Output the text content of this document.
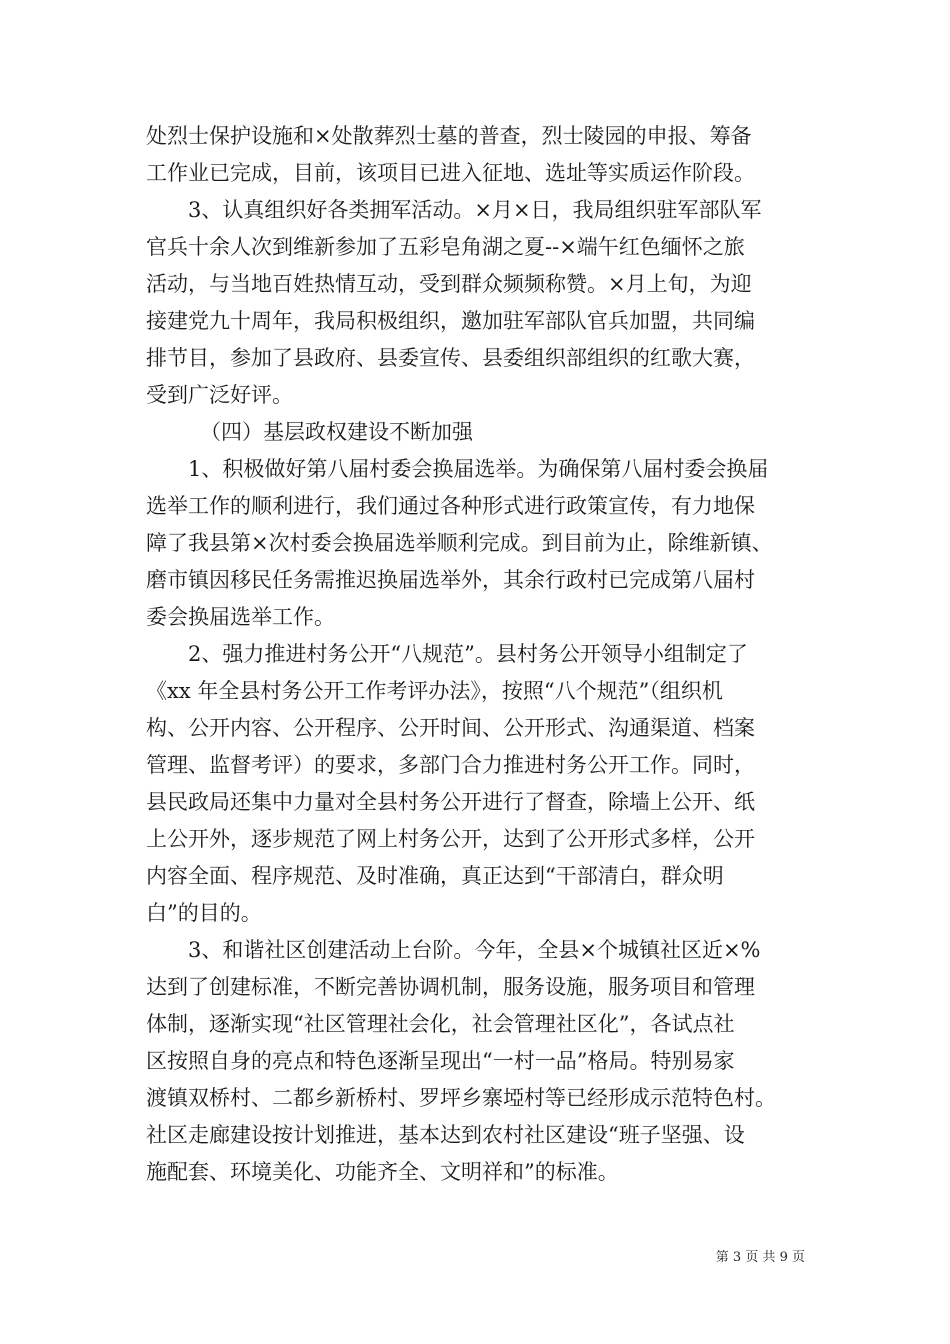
处烈士保护设施和×处散葬烈士墓的普查，烈士陵园的申报、筹备
工作业已完成，目前，该项目已进入征地、选址等实质运作阶段。
3、认真组织好各类拥军活动。×月×日，我局组织驻军部队军
官兵十余人次到维新参加了五彩皂角湖之夏--×端午红色缅怀之旅
活动，与当地百姓热情互动，受到群众频频称赞。×月上旬，为迎
接建党九十周年，我局积极组织，邀加驻军部队官兵加盟，共同编
排节目，参加了县政府、县委宣传、县委组织部组织的红歌大赛，
受到广泛好评。
（四）基层政权建设不断加强
1、积极做好第八届村委会换届选举。为确保第八届村委会换届
选举工作的顺利进行，我们通过各种形式进行政策宣传，有力地保
障了我县第×次村委会换届选举顺利完成。到目前为止，除维新镇、
磨市镇因移民任务需推迟换届选举外，其余行政村已完成第八届村
委会换届选举工作。
2、强力推进村务公开“八规范”。县村务公开领导小组制定了
《xx 年全县村务公开工作考评办法》，按照“八个规范”（组织机
构、公开内容、公开程序、公开时间、公开形式、沟通渠道、档案
管理、监督考评）的要求，多部门合力推进村务公开工作。同时，
县民政局还集中力量对全县村务公开进行了督查，除墙上公开、纸
上公开外，逐步规范了网上村务公开，达到了公开形式多样，公开
内容全面、程序规范、及时准确，真正达到“干部清白，群众明
白”的目的。
3、和谐社区创建活动上台阶。今年，全县×个城镇社区近×%
达到了创建标准，不断完善协调机制，服务设施，服务项目和管理
体制，逐渐实现“社区管理社会化，社会管理社区化”，各试点社
区按照自身的亮点和特色逐渐呈现出“一村一品”格局。特别易家
渡镇双桥村、二都乡新桥村、罗坪乡寨埡村等已经形成示范特色村。
社区走廊建设按计划推进，基本达到农村社区建设“班子坚强、设
施配套、环境美化、功能齐全、文明祥和”的标准。
第 3 页 共 9 页
